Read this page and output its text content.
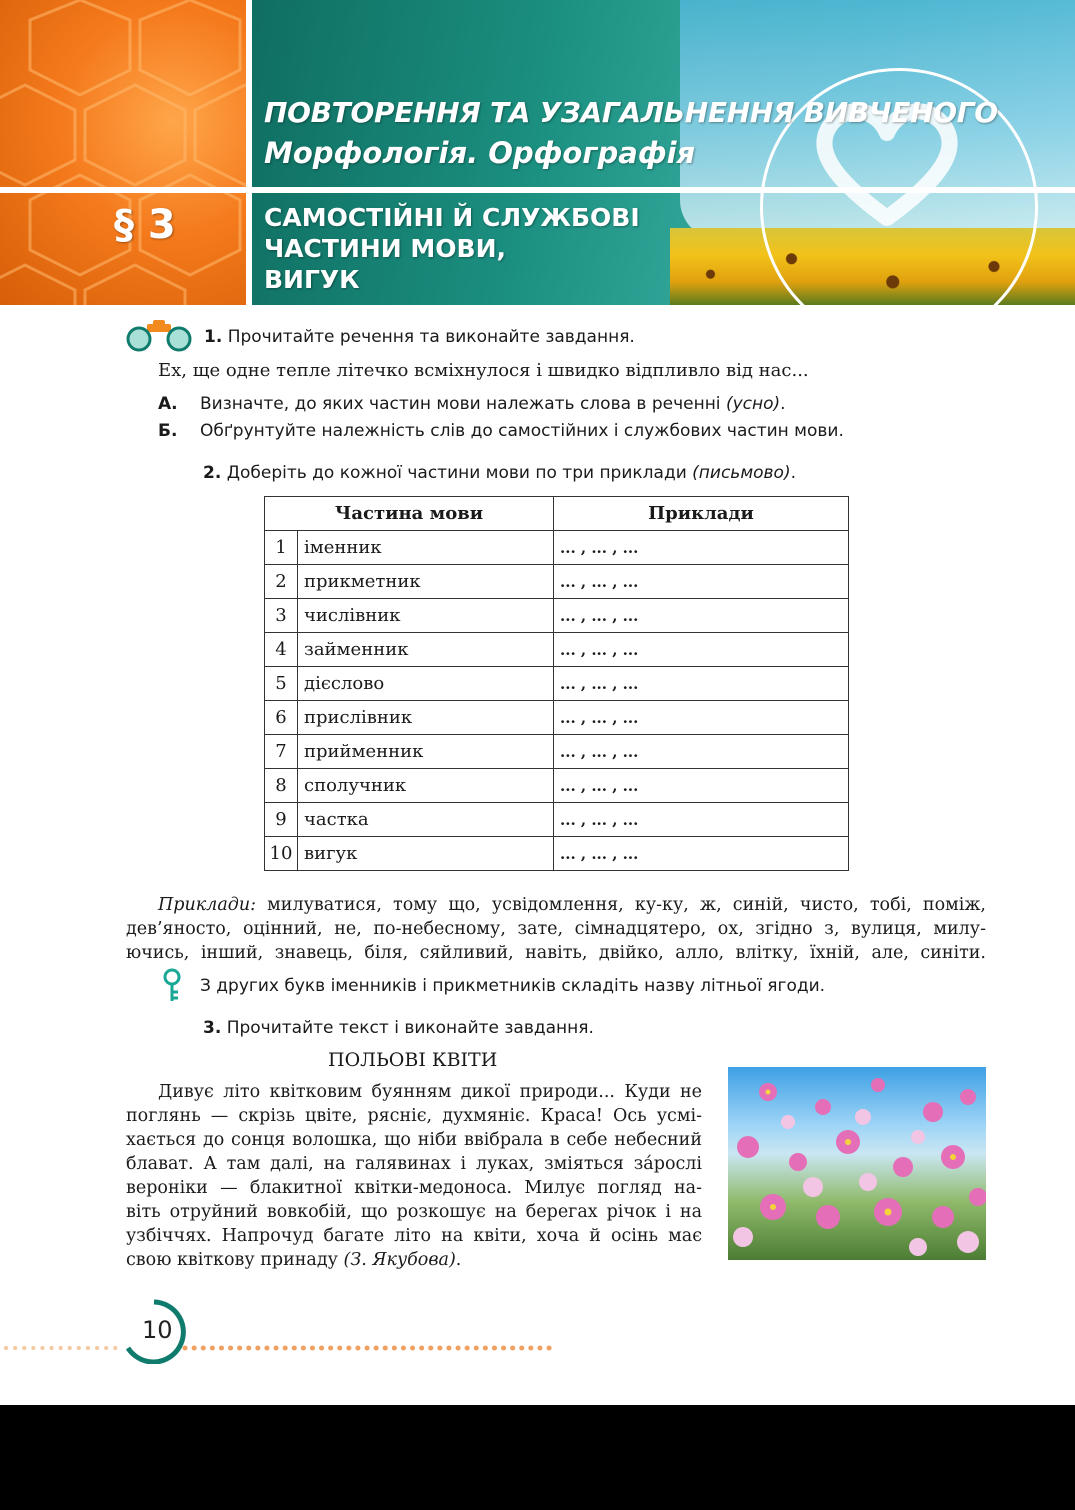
ПОВТОРЕННЯ ТА УЗАГАЛЬНЕННЯ ВИВЧЕНОГО
Морфологія. Орфографія
§ 3	САМОСТІЙНІ Й СЛУЖБОВІ
ЧАСТИНИ МОВИ,
ВИГУК
1. Прочитайте речення та виконайте завдання.
Ех, ще одне тепле літечко всміхнулося і швидко відпливло від нас...
А. Визначте, до яких частин мови належать слова в реченні (усно).
Б. Обґрунтуйте належність слів до самостійних і службових частин мови.
2. Доберіть до кожної частини мови по три приклади (письмово).
Частина мови		Приклади
1	іменник	... , ... , ...
2	прикметник	... , ... , ...
3	числівник	... , ... , ...
4	займенник	... , ... , ...
5	дієслово	... , ... , ...
6	прислівник	... , ... , ...
7	прийменник	... , ... , ...
8	сполучник	... , ... , ...
9	частка	... , ... , ...
10	вигук	... , ... , ...
Приклади: милуватися, тому що, усвідомлення, ку-ку, ж, синій, чисто, тобі, поміж,
дев’яносто, оцінний, не, по-небесному, зате, сімнадцятеро, ох, згідно з, вулиця, милу-
ючись, інший, знавець, біля, сяйливий, навіть, двійко, алло, влітку, їхній, але, синіти.
З других букв іменників і прикметників складіть назву літньої ягоди.
3. Прочитайте текст і виконайте завдання.
ПОЛЬОВІ КВІТИ
Дивує літо квітковим буянням дикої природи... Куди не
поглянь — скрізь цвіте, рясніє, духмяніє. Краса! Ось усмі-
хається до сонця волошка, що ніби ввібрала в себе небесний
блават. А там далі, на галявинах і луках, зміяться зáрослі
вероніки — блакитної квітки-медоноса. Милує погляд на-
віть отруйний вовкобій, що розкошує на берегах річок і на
узбіччях. Напрочуд багате літо на квіти, хоча й осінь має
свою квіткову принаду (З. Якубова).
10
